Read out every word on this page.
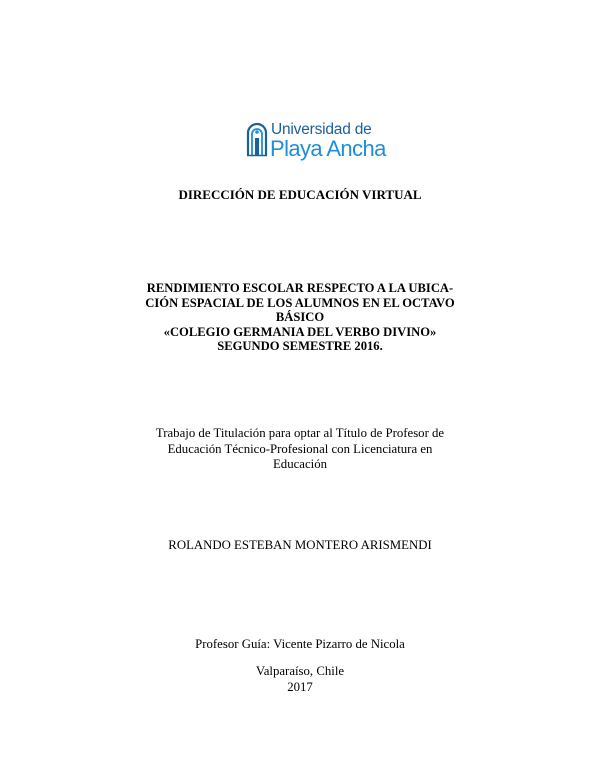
Universidad de
Playa Ancha
DIRECCIÓN DE EDUCACIÓN VIRTUAL
RENDIMIENTO ESCOLAR RESPECTO A LA UBICA-
CIÓN ESPACIAL DE LOS ALUMNOS EN EL OCTAVO
BÁSICO
«COLEGIO GERMANIA DEL VERBO DIVINO»
SEGUNDO SEMESTRE 2016.
Trabajo de Titulación para optar al Título de Profesor de
Educación Técnico-Profesional con Licenciatura en
Educación
ROLANDO ESTEBAN MONTERO ARISMENDI
Profesor Guía: Vicente Pizarro de Nicola
Valparaíso, Chile
2017
